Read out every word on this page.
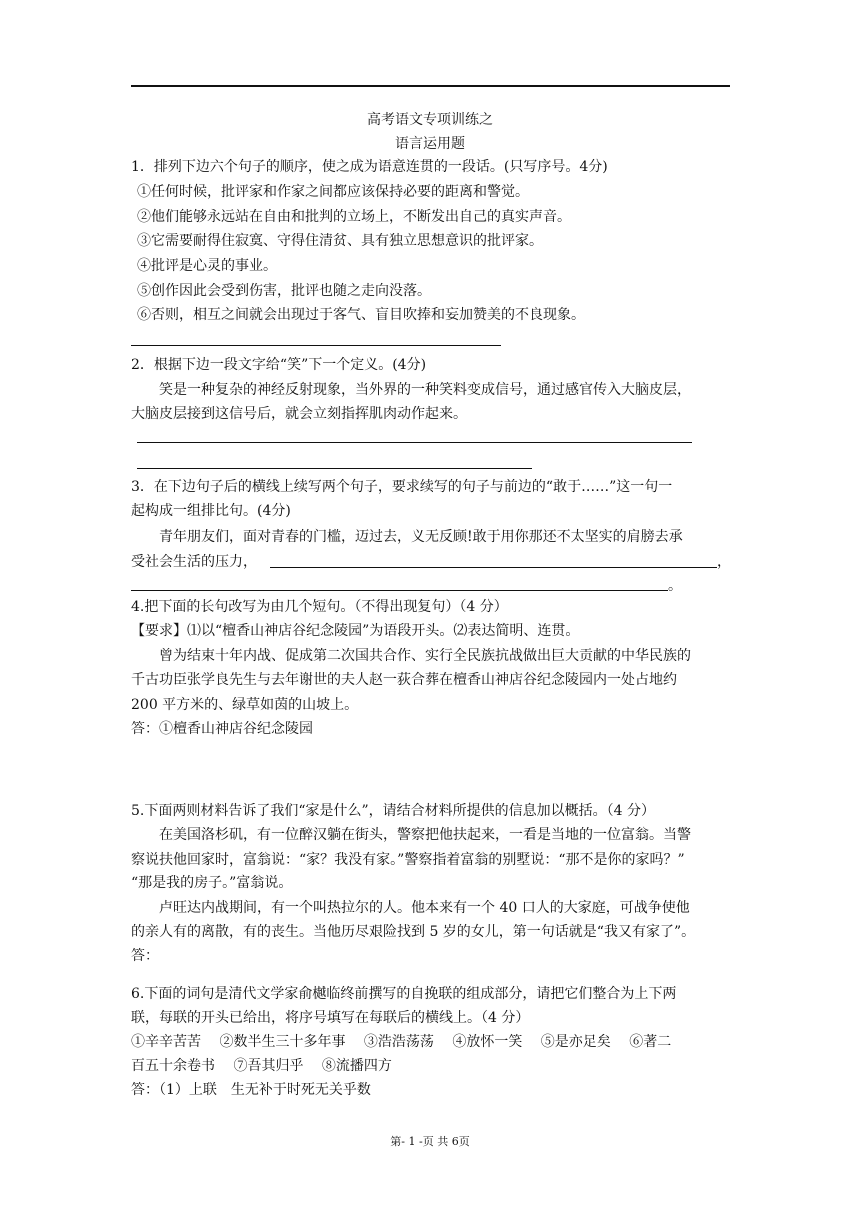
高考语文专项训练之
语言运用题
1．排列下边六个句子的顺序，使之成为语意连贯的一段话。(只写序号。4分)
①任何时候，批评家和作家之间都应该保持必要的距离和警觉。
②他们能够永远站在自由和批判的立场上，不断发出自己的真实声音。
③它需要耐得住寂寞、守得住清贫、具有独立思想意识的批评家。
④批评是心灵的事业。
⑤创作因此会受到伤害，批评也随之走向没落。
⑥否则，相互之间就会出现过于客气、盲目吹捧和妄加赞美的不良现象。
2．根据下边一段文字给“笑”下一个定义。(4分)
笑是一种复杂的神经反射现象，当外界的一种笑料变成信号，通过感官传入大脑皮层，
大脑皮层接到这信号后，就会立刻指挥肌肉动作起来。
3．在下边句子后的横线上续写两个句子，要求续写的句子与前边的“敢于……”这一句一
起构成一组排比句。(4分)
青年朋友们，面对青春的门槛，迈过去，义无反顾!敢于用你那还不太坚实的肩膀去承
受社会生活的压力，	，
。
4.把下面的长句改写为由几个短句。（不得出现复句）（4 分）
【要求】⑴以“檀香山神店谷纪念陵园”为语段开头。⑵表达简明、连贯。
曾为结束十年内战、促成第二次国共合作、实行全民族抗战做出巨大贡献的中华民族的
千古功臣张学良先生与去年谢世的夫人赵一荻合葬在檀香山神店谷纪念陵园内一处占地约
200 平方米的、绿草如茵的山坡上。
答：①檀香山神店谷纪念陵园
5.下面两则材料告诉了我们“家是什么”，请结合材料所提供的信息加以概括。（4 分）
在美国洛杉矶，有一位醉汉躺在街头，警察把他扶起来，一看是当地的一位富翁。当警
察说扶他回家时，富翁说：“家？我没有家。”警察指着富翁的别墅说：“那不是你的家吗？”
“那是我的房子。”富翁说。
卢旺达内战期间，有一个叫热拉尔的人。他本来有一个 40 口人的大家庭，可战争使他
的亲人有的离散，有的丧生。当他历尽艰险找到 5 岁的女儿，第一句话就是“我又有家了”。
答：
6.下面的词句是清代文学家俞樾临终前撰写的自挽联的组成部分，请把它们整合为上下两
联，每联的开头已给出，将序号填写在每联后的横线上。（4 分）
①辛辛苦苦　 ②数半生三十多年事　 ③浩浩荡荡　 ④放怀一笑　 ⑤是亦足矣　 ⑥著二
百五十余卷书　 ⑦吾其归乎　 ⑧流播四方
答：（1）上联　生无补于时死无关乎数
第- 1 -页 共 6页
